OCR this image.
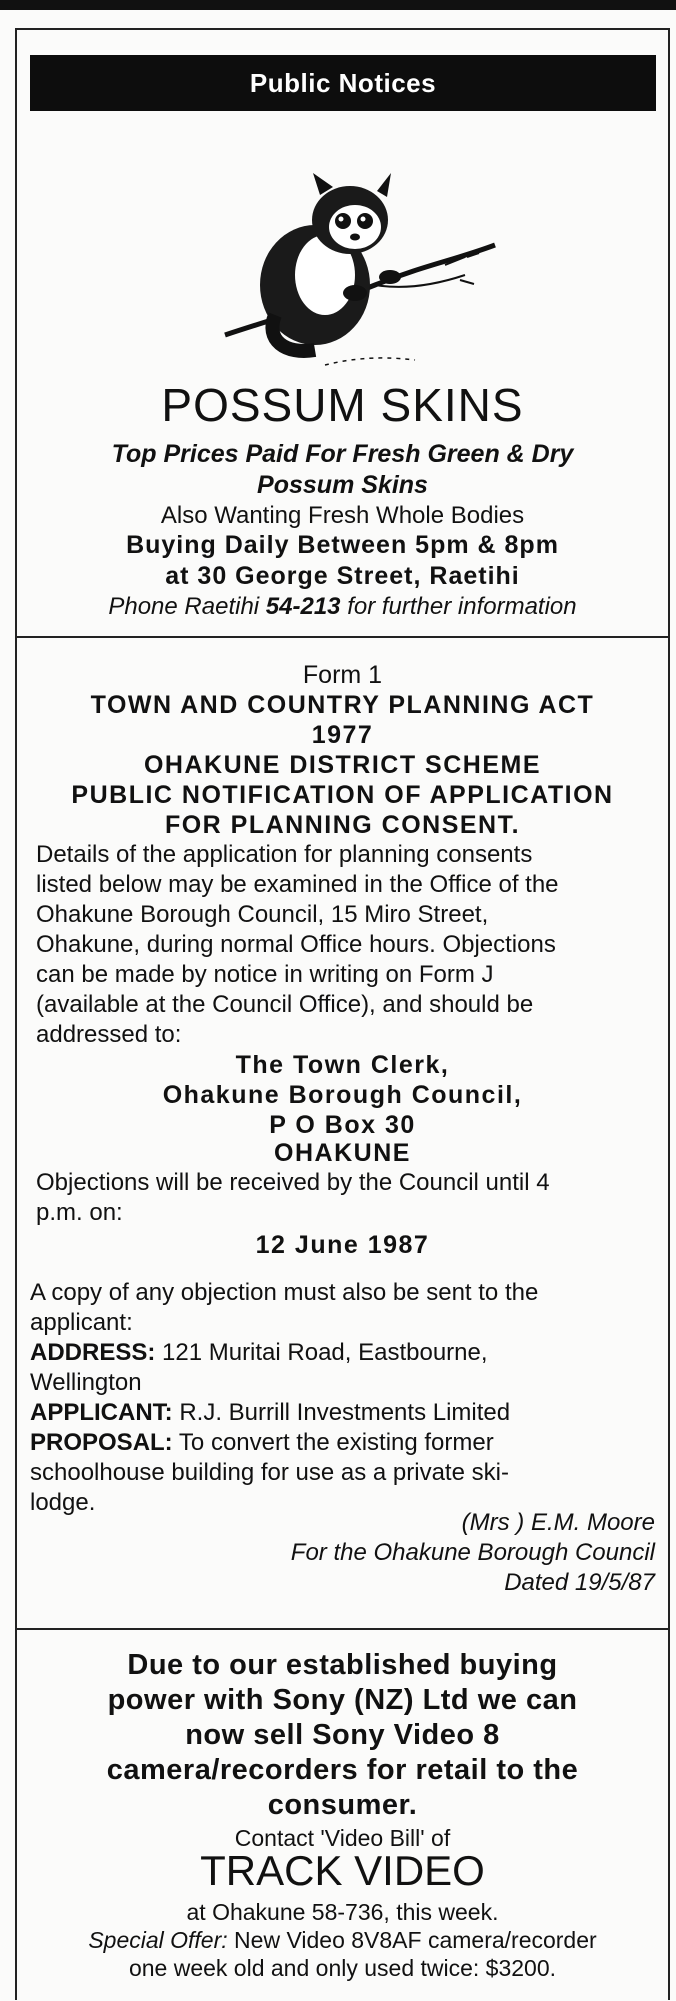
Public Notices
POSSUM SKINS
Top Prices Paid For Fresh Green & Dry
Possum Skins
Also Wanting Fresh Whole Bodies
Buying Daily Between 5pm & 8pm
at 30 George Street, Raetihi
Phone Raetihi 54-213 for further information
Form 1
TOWN AND COUNTRY PLANNING ACT
1977
OHAKUNE DISTRICT SCHEME
PUBLIC NOTIFICATION OF APPLICATION
FOR PLANNING CONSENT.
Details of the application for planning consents
listed below may be examined in the Office of the
Ohakune Borough Council, 15 Miro Street,
Ohakune, during normal Office hours. Objections
can be made by notice in writing on Form J
(available at the Council Office), and should be
addressed to:
The Town Clerk,
Ohakune Borough Council,
P O Box 30
OHAKUNE
Objections will be received by the Council until 4
p.m. on:
12 June 1987
A copy of any objection must also be sent to the
applicant:
ADDRESS: 121 Muritai Road, Eastbourne,
Wellington
APPLICANT: R.J. Burrill Investments Limited
PROPOSAL: To convert the existing former
schoolhouse building for use as a private ski-
lodge.
(Mrs ) E.M. Moore
For the Ohakune Borough Council
Dated 19/5/87
Due to our established buying
power with Sony (NZ) Ltd we can
now sell Sony Video 8
camera/recorders for retail to the
consumer.
Contact 'Video Bill' of
TRACK VIDEO
at Ohakune 58-736, this week.
Special Offer: New Video 8V8AF camera/recorder
one week old and only used twice: $3200.
